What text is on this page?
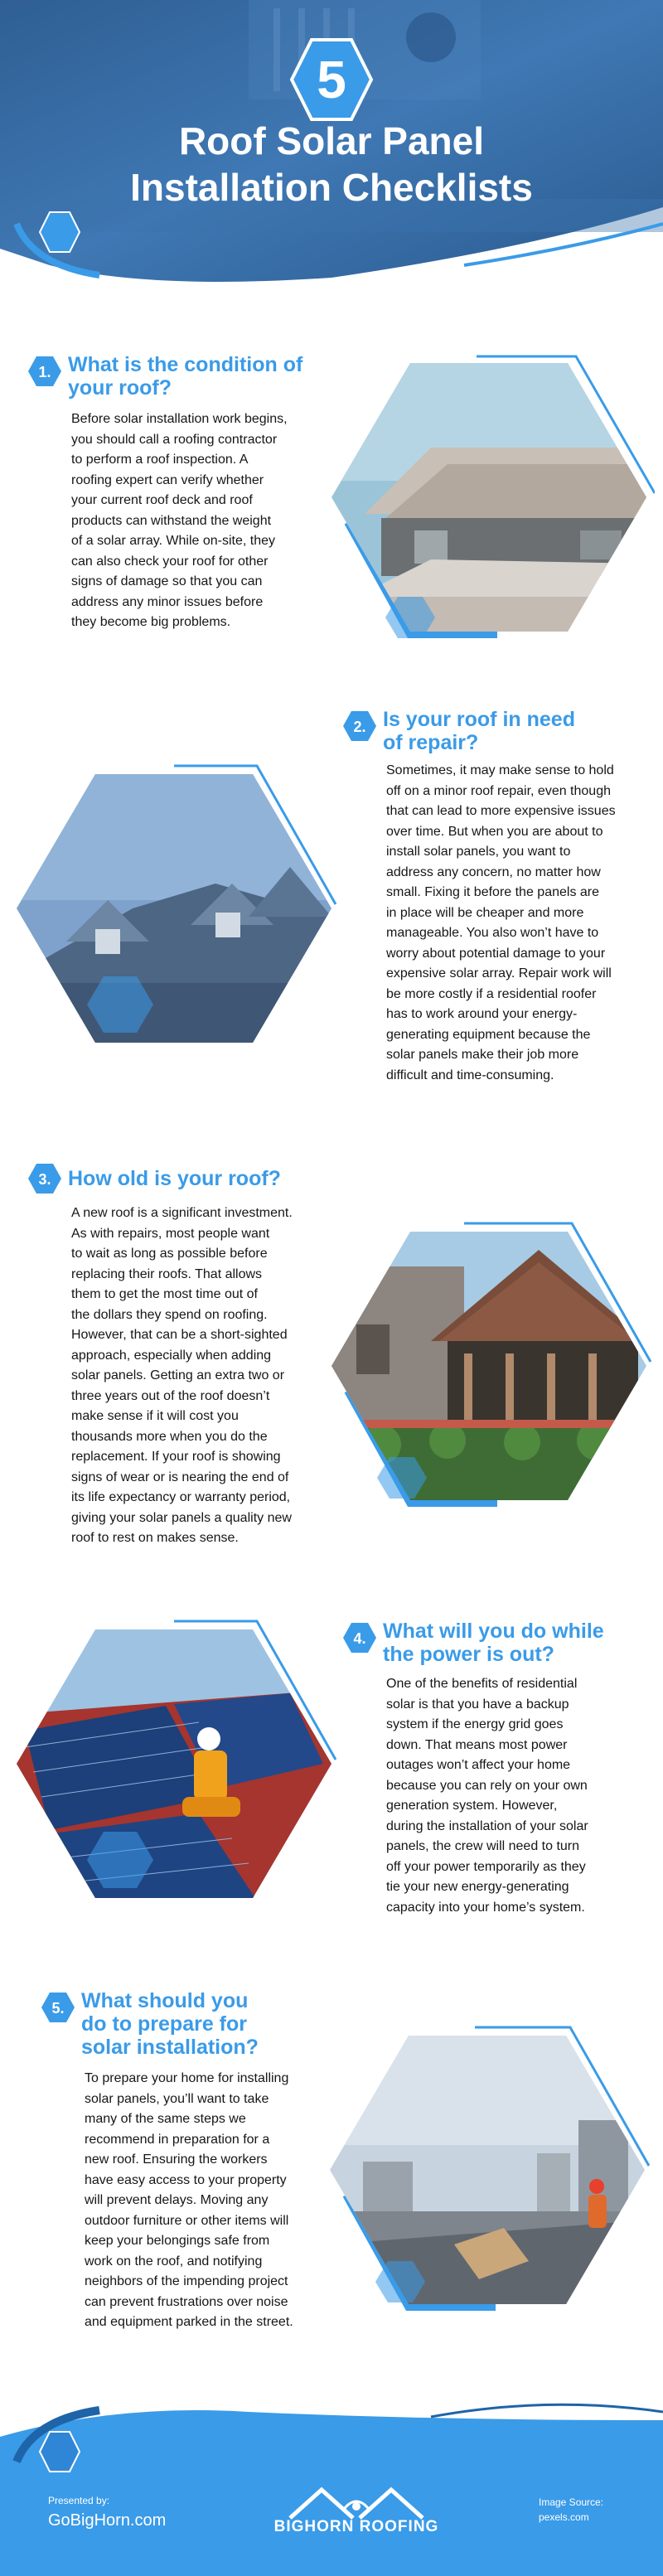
5
Roof Solar Panel
Installation Checklists
1. What is the condition of
your roof?
Before solar installation work begins,
you should call a roofing contractor
to perform a roof inspection. A
roofing expert can verify whether
your current roof deck and roof
products can withstand the weight
of a solar array. While on-site, they
can also check your roof for other
signs of damage so that you can
address any minor issues before
they become big problems.
2. Is your roof in need
of repair?
Sometimes, it may make sense to hold
off on a minor roof repair, even though
that can lead to more expensive issues
over time. But when you are about to
install solar panels, you want to
address any concern, no matter how
small. Fixing it before the panels are
in place will be cheaper and more
manageable. You also won’t have to
worry about potential damage to your
expensive solar array. Repair work will
be more costly if a residential roofer
has to work around your energy-
generating equipment because the
solar panels make their job more
difficult and time-consuming.
3. How old is your roof?
A new roof is a significant investment.
As with repairs, most people want
to wait as long as possible before
replacing their roofs. That allows
them to get the most time out of
the dollars they spend on roofing.
However, that can be a short-sighted
approach, especially when adding
solar panels. Getting an extra two or
three years out of the roof doesn’t
make sense if it will cost you
thousands more when you do the
replacement. If your roof is showing
signs of wear or is nearing the end of
its life expectancy or warranty period,
giving your solar panels a quality new
roof to rest on makes sense.
4. What will you do while
the power is out?
One of the benefits of residential
solar is that you have a backup
system if the energy grid goes
down. That means most power
outages won’t affect your home
because you can rely on your own
generation system. However,
during the installation of your solar
panels, the crew will need to turn
off your power temporarily as they
tie your new energy-generating
capacity into your home’s system.
5. What should you
do to prepare for
solar installation?
To prepare your home for installing
solar panels, you’ll want to take
many of the same steps we
recommend in preparation for a
new roof. Ensuring the workers
have easy access to your property
will prevent delays. Moving any
outdoor furniture or other items will
keep your belongings safe from
work on the roof, and notifying
neighbors of the impending project
can prevent frustrations over noise
and equipment parked in the street.
Presented by:
GoBigHorn.com	BIGHORN ROOFING
Image Source:
pexels.com
